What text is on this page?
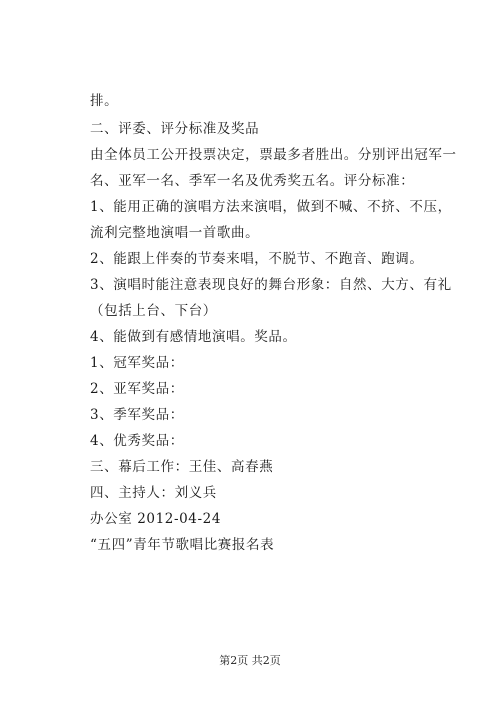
排。
二、评委、评分标准及奖品
由全体员工公开投票决定，票最多者胜出。分别评出冠军一
名、亚军一名、季军一名及优秀奖五名。评分标准：
1、能用正确的演唱方法来演唱，做到不喊、不挤、不压，
流利完整地演唱一首歌曲。
2、能跟上伴奏的节奏来唱，不脱节、不跑音、跑调。
3、演唱时能注意表现良好的舞台形象：自然、大方、有礼
（包括上台、下台）
4、能做到有感情地演唱。奖品。
1、冠军奖品：
2、亚军奖品：
3、季军奖品：
4、优秀奖品：
三、幕后工作：王佳、高春燕
四、主持人：刘义兵
办公室 2012-04-24
“五四”青年节歌唱比赛报名表
第2页 共2页
